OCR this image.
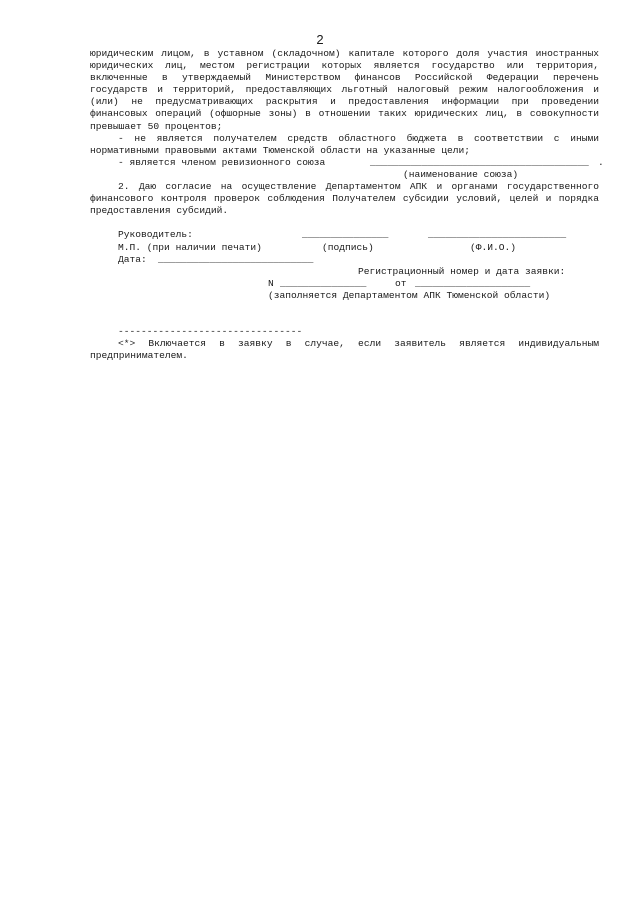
2

юридическим лицом, в уставном (складочном) капитале которого доля участия иностранных юридических лиц, местом регистрации которых является государство или территория, включенные в утверждаемый Министерством финансов Российской Федерации перечень государств и территорий, предоставляющих льготный налоговый режим налогообложения и (или) не предусматривающих раскрытия и предоставления информации при проведении финансовых операций (офшорные зоны) в отношении таких юридических лиц, в совокупности превышает 50 процентов;

- не является получателем средств областного бюджета в соответствии с иными нормативными правовыми актами Тюменской области на указанные цели;

- является членом ревизионного союза

	______________________________________

.

(наименование союза)

2. Даю согласие на осуществление Департаментом АПК и органами государственного финансового контроля проверок соблюдения Получателем субсидии условий, целей и порядка предоставления субсидий.

Руководитель:

	_______________

	________________________

М.П. (при наличии печати)

	(подпись)

	(Ф.И.О.)

Дата:

___________________________

Регистрационный номер и дата заявки:

N

_______________

	от

____________________

(заполняется Департаментом АПК Тюменской области)

--------------------------------

<*> Включается в заявку в случае, если заявитель является индивидуальным предпринимателем.
